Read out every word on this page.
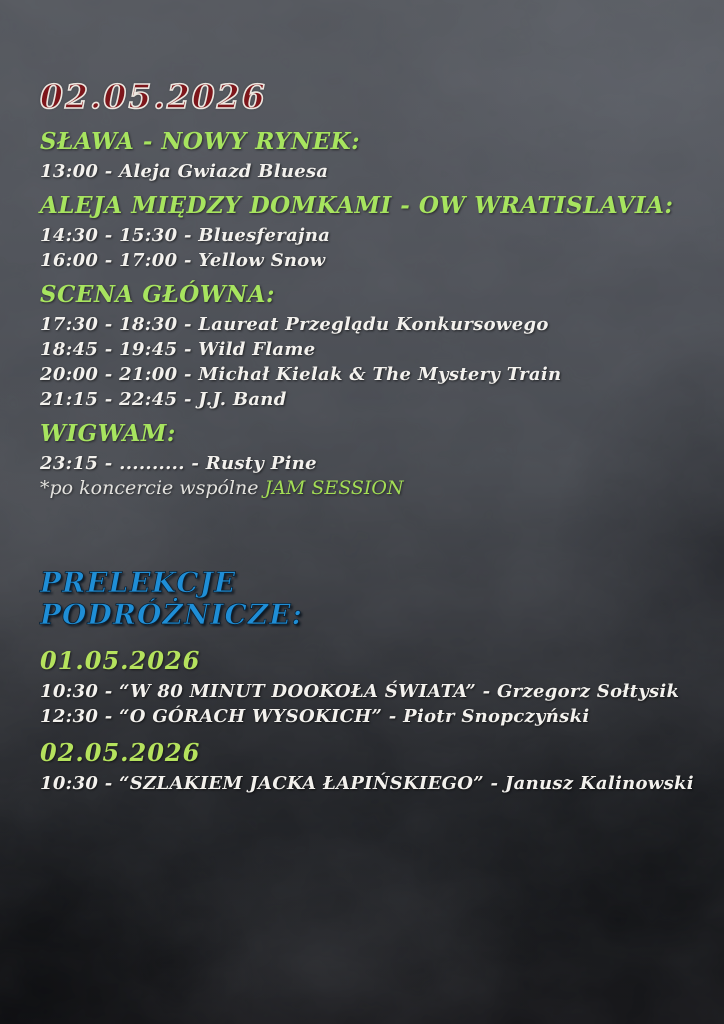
02.05.2026
SŁAWA - NOWY RYNEK:
13:00 - Aleja Gwiazd Bluesa
ALEJA MIĘDZY DOMKAMI - OW WRATISLAVIA:
14:30 - 15:30 - Bluesferajna
16:00 - 17:00 - Yellow Snow
SCENA GŁÓWNA:
17:30 - 18:30 - Laureat Przeglądu Konkursowego
18:45 - 19:45 - Wild Flame
20:00 - 21:00 - Michał Kielak & The Mystery Train
21:15 - 22:45 - J.J. Band
WIGWAM:
23:15 - .......... - Rusty Pine
*po koncercie wspólne JAM SESSION
PRELEKCJE
PODRÓŻNICZE:
01.05.2026
10:30 - “W 80 MINUT DOOKOŁA ŚWIATA” - Grzegorz Sołtysik
12:30 - “O GÓRACH WYSOKICH” - Piotr Snopczyński
02.05.2026
10:30 - “SZLAKIEM JACKA ŁAPIŃSKIEGO” - Janusz Kalinowski
